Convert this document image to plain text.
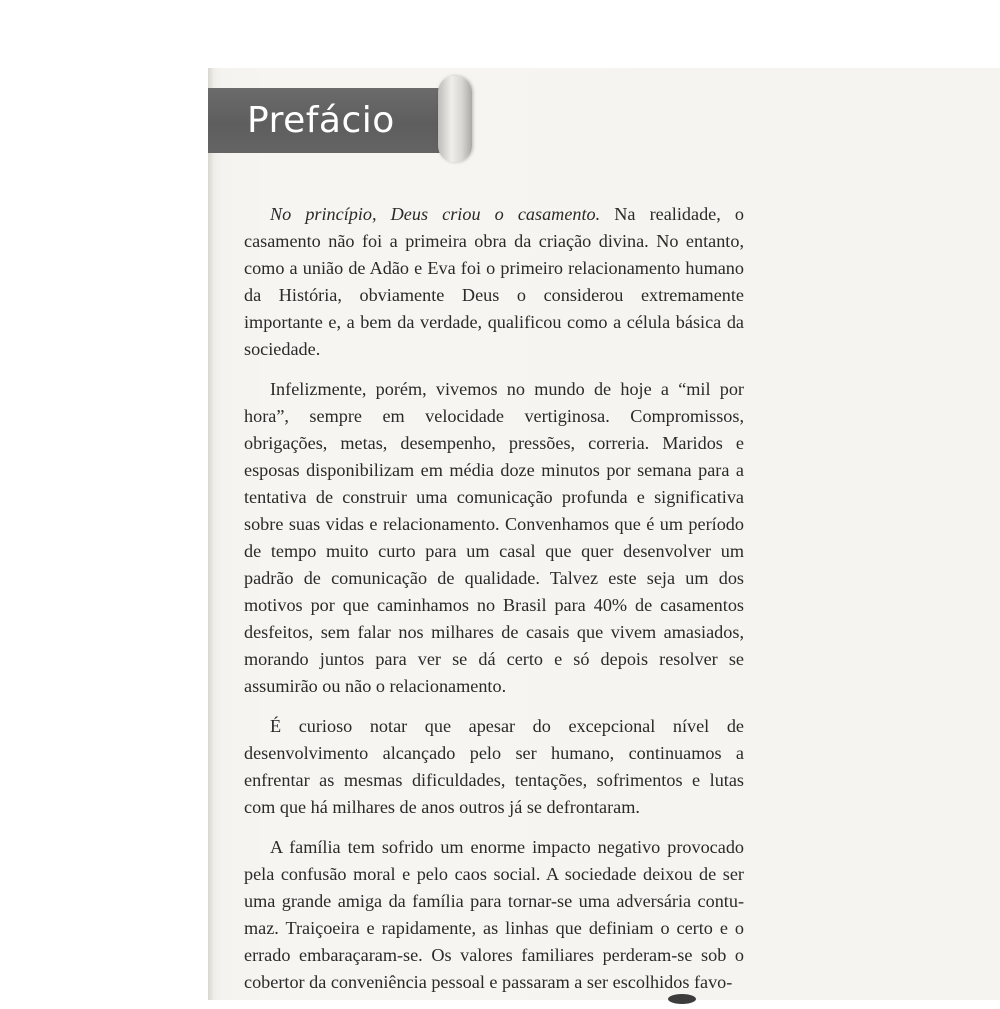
Prefácio

No princípio, Deus criou o casamento. Na realidade, o casamento não foi a primeira obra da criação divina. No entanto, como a união de Adão e Eva foi o primeiro relacionamento humano da História, obviamente Deus o considerou extremamente importante e, a bem da verdade, qualificou como a célula básica da sociedade.

Infelizmente, porém, vivemos no mundo de hoje a “mil por hora”, sempre em velocidade vertiginosa. Compromissos, obrigações, metas, desempenho, pressões, correria. Maridos e esposas disponibilizam em média doze minutos por semana para a tentativa de construir uma comunicação profunda e significativa sobre suas vidas e relacionamento. Convenhamos que é um período de tempo muito curto para um casal que quer desenvolver um padrão de comunicação de qualidade. Talvez este seja um dos motivos por que caminhamos no Brasil para 40% de casamentos desfeitos, sem falar nos milhares de casais que vivem amasiados, morando juntos para ver se dá certo e só depois resolver se assumirão ou não o relacionamento.

É curioso notar que apesar do excepcional nível de desenvolvimento alcançado pelo ser humano, continuamos a enfrentar as mesmas dificuldades, tentações, sofrimentos e lutas com que há milhares de anos outros já se defrontaram.

A família tem sofrido um enorme impacto negativo provocado pela confusão moral e pelo caos social. A sociedade deixou de ser uma grande amiga da família para tornar-se uma adversária contumaz. Traiçoeira e rapidamente, as linhas que definiam o certo e o errado embaraçaram-se. Os valores familiares perderam-se sob o cobertor da conveniência pessoal e passaram a ser escolhidos favo-
